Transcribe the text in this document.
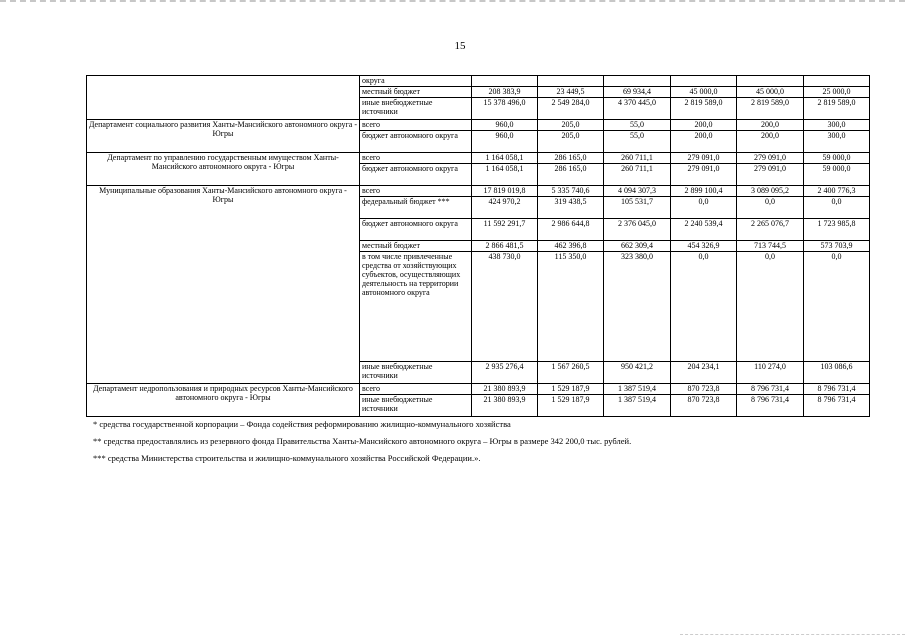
15
	округа						
	местный бюджет	208 383,9	23 449,5	69 934,4	45 000,0	45 000,0	25 000,0
	иные внебюджетные источники	15 378 496,0	2 549 284,0	4 370 445,0	2 819 589,0	2 819 589,0	2 819 589,0
Департамент социального развития Ханты-Мансийского автономного округа - Югры	всего	960,0	205,0	55,0	200,0	200,0	300,0
	бюджет автономного округа	960,0	205,0	55,0	200,0	200,0	300,0
Департамент по управлению государственным имуществом Ханты-Мансийского автономного округа - Югры	всего	1 164 058,1	286 165,0	260 711,1	279 091,0	279 091,0	59 000,0
	бюджет автономного округа	1 164 058,1	286 165,0	260 711,1	279 091,0	279 091,0	59 000,0
Муниципальные образования Ханты-Мансийского автономного округа - Югры	всего	17 819 019,8	5 335 740,6	4 094 307,3	2 899 100,4	3 089 095,2	2 400 776,3
	федеральный бюджет ***	424 970,2	319 438,5	105 531,7	0,0	0,0	0,0
	бюджет автономного округа	11 592 291,7	2 986 644,8	2 376 045,0	2 240 539,4	2 265 076,7	1 723 985,8
	местный бюджет	2 866 481,5	462 396,8	662 309,4	454 326,9	713 744,5	573 703,9
	в том числе привлеченные средства от хозяйствующих субъектов, осуществляющих деятельность на территории автономного округа	438 730,0	115 350,0	323 380,0	0,0	0,0	0,0
	иные внебюджетные источники	2 935 276,4	1 567 260,5	950 421,2	204 234,1	110 274,0	103 086,6
Департамент недропользования и природных ресурсов Ханты-Мансийского автономного округа - Югры	всего	21 380 893,9	1 529 187,9	1 387 519,4	870 723,8	8 796 731,4	8 796 731,4
	иные внебюджетные источники	21 380 893,9	1 529 187,9	1 387 519,4	870 723,8	8 796 731,4	8 796 731,4

* средства государственной корпорации – Фонда содействия реформированию жилищно-коммунального хозяйства

** средства предоставлялись из резервного фонда Правительства Ханты-Мансийского автономного округа – Югры в размере 342 200,0 тыс. рублей.

*** средства Министерства строительства и жилищно-коммунального хозяйства Российской Федерации.».
